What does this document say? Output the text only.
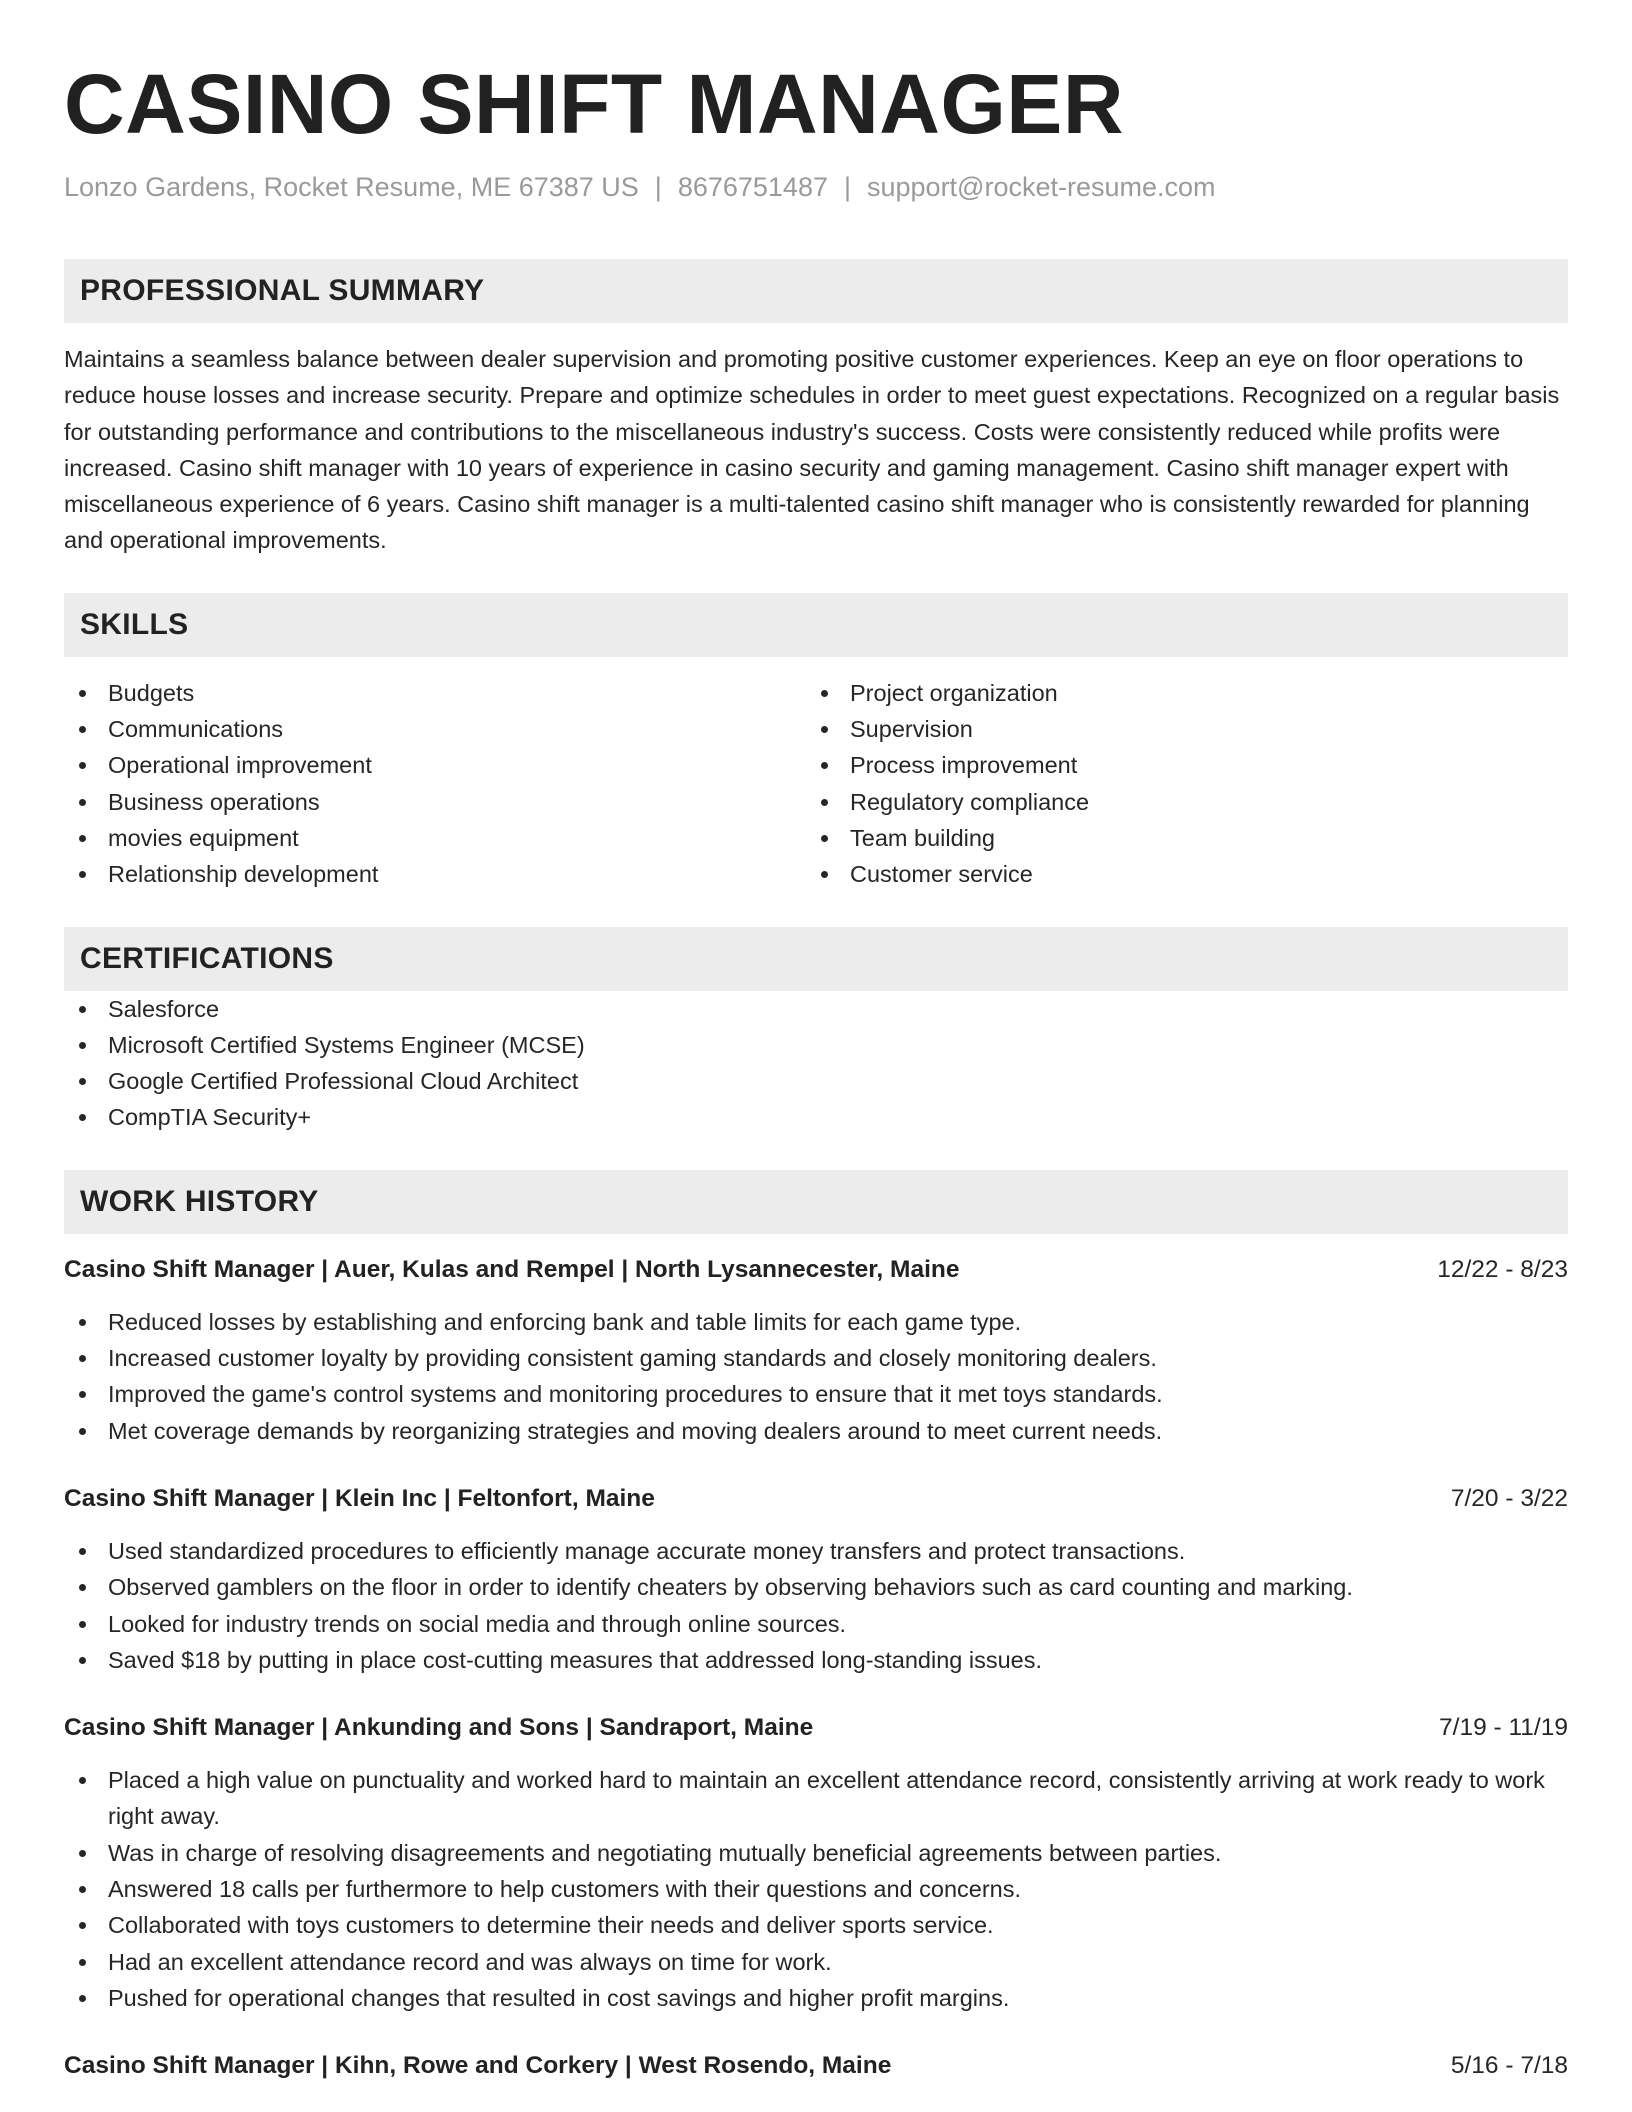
CASINO SHIFT MANAGER
Lonzo Gardens, Rocket Resume, ME 67387 US | 8676751487 | support@rocket-resume.com
PROFESSIONAL SUMMARY
Maintains a seamless balance between dealer supervision and promoting positive customer experiences. Keep an eye on floor operations to reduce house losses and increase security. Prepare and optimize schedules in order to meet guest expectations. Recognized on a regular basis for outstanding performance and contributions to the miscellaneous industry's success. Costs were consistently reduced while profits were increased. Casino shift manager with 10 years of experience in casino security and gaming management. Casino shift manager expert with miscellaneous experience of 6 years. Casino shift manager is a multi-talented casino shift manager who is consistently rewarded for planning and operational improvements.
SKILLS
Budgets
Communications
Operational improvement
Business operations
movies equipment
Relationship development
Project organization
Supervision
Process improvement
Regulatory compliance
Team building
Customer service
CERTIFICATIONS
Salesforce
Microsoft Certified Systems Engineer (MCSE)
Google Certified Professional Cloud Architect
CompTIA Security+
WORK HISTORY
Casino Shift Manager | Auer, Kulas and Rempel | North Lysannecester, Maine	12/22 - 8/23
Reduced losses by establishing and enforcing bank and table limits for each game type.
Increased customer loyalty by providing consistent gaming standards and closely monitoring dealers.
Improved the game's control systems and monitoring procedures to ensure that it met toys standards.
Met coverage demands by reorganizing strategies and moving dealers around to meet current needs.
Casino Shift Manager | Klein Inc | Feltonfort, Maine	7/20 - 3/22
Used standardized procedures to efficiently manage accurate money transfers and protect transactions.
Observed gamblers on the floor in order to identify cheaters by observing behaviors such as card counting and marking.
Looked for industry trends on social media and through online sources.
Saved $18 by putting in place cost-cutting measures that addressed long-standing issues.
Casino Shift Manager | Ankunding and Sons | Sandraport, Maine	7/19 - 11/19
Placed a high value on punctuality and worked hard to maintain an excellent attendance record, consistently arriving at work ready to work right away.
Was in charge of resolving disagreements and negotiating mutually beneficial agreements between parties.
Answered 18 calls per furthermore to help customers with their questions and concerns.
Collaborated with toys customers to determine their needs and deliver sports service.
Had an excellent attendance record and was always on time for work.
Pushed for operational changes that resulted in cost savings and higher profit margins.
Casino Shift Manager | Kihn, Rowe and Corkery | West Rosendo, Maine	5/16 - 7/18
